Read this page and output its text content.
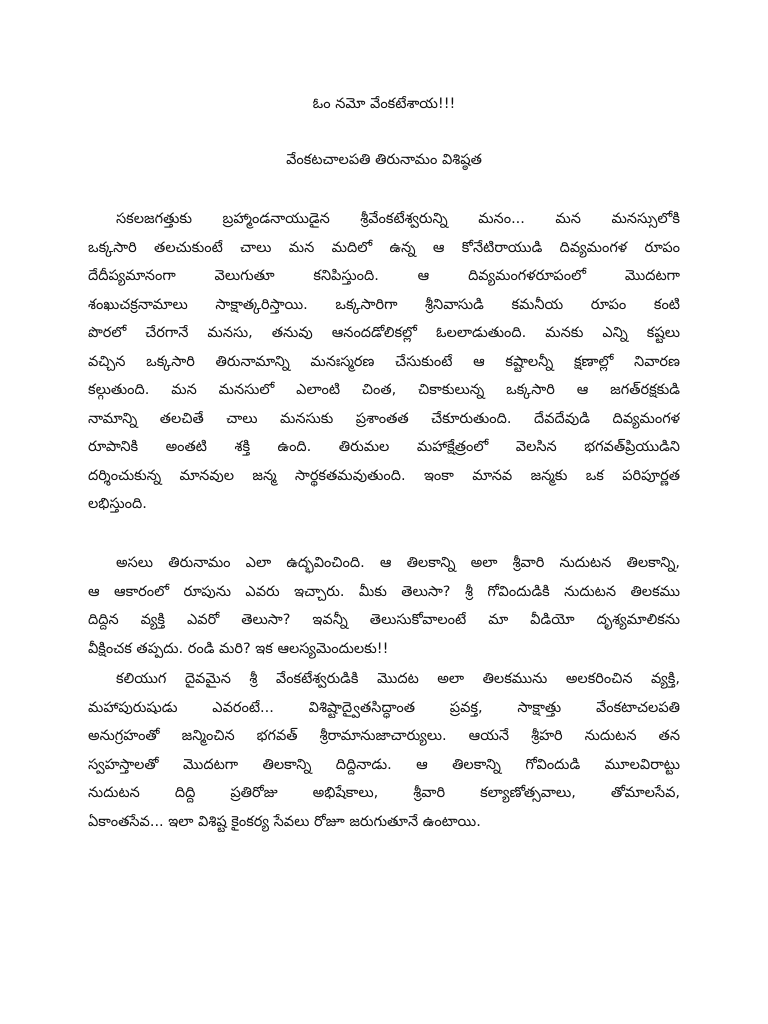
ఓం నమో వేంకటేశాయ!!!
వేంకటచాలపతి తిరునామం విశిష్ఠత
సకలజగత్తుకు బ్రహ్మాండనాయుడైన శ్రీవేంకటేశ్వరున్ని మనం... మన మనస్సులోకి
ఒక్కసారి తలచుకుంటే చాలు మన మదిలో ఉన్న ఆ కోనేటిరాయుడి దివ్యమంగళ రూపం
దేదీప్యమానంగా వెలుగుతూ కనిపిస్తుంది. ఆ దివ్యమంగళరూపంలో మొదటగా
శంఖుచక్రనామాలు సాక్షాత్కరిస్తాయి. ఒక్కసారిగా శ్రీనివాసుడి కమనీయ రూపం కంటి
పొరలో చేరగానే మనసు, తనువు ఆనందడోలికల్లో ఓలలాడుతుంది. మనకు ఎన్ని కష్టలు
వచ్చిన ఒక్కసారి తిరునామాన్ని మనఃస్మరణ చేసుకుంటే ఆ కష్టాలన్నీ క్షణాల్లో నివారణ
కల్గుతుంది. మన మనసులో ఎలాంటి చింత, చికాకులున్న ఒక్కసారి ఆ జగత్‌రక్షకుడి
నామాన్ని తలచితే చాలు మనసుకు ప్రశాంతత చేకూరుతుంది. దేవదేవుడి దివ్యమంగళ
రూపానికి అంతటి శక్తి ఉంది. తిరుమల మహాక్షేత్రంలో వెలసిన భగవత్‌ప్రియుడిని
దర్శించుకున్న మానవుల జన్మ సార్థకతమవుతుంది. ఇంకా మానవ జన్మకు ఒక పరిపూర్ణత
లభిస్తుంది.
అసలు తిరునామం ఎలా ఉద్భవించింది. ఆ తిలకాన్ని అలా శ్రీవారి నుదుటన తిలకాన్ని,
ఆ ఆకారంలో రూపును ఎవరు ఇచ్చారు. మీకు తెలుసా? శ్రీ గోవిందుడికి నుదుటన తిలకము
దిద్దిన వ్యక్తి ఎవరో తెలుసా? ఇవన్నీ తెలుసుకోవాలంటే మా వీడియో దృశ్యమాలికను
వీక్షించక తప్పదు. రండి మరి? ఇక ఆలస్యమెందులకు!!
కలియుగ దైవమైన శ్రీ వేంకటేశ్వరుడికి మొదట అలా తిలకమును అలకరించిన వ్యక్తి,
మహాపురుషుడు ఎవరంటే... విశిష్టాద్వైతసిద్ధాంత ప్రవక్త, సాక్షాత్తు వేంకటాచలపతి
అనుగ్రహంతో జన్మించిన భగవత్ శ్రీరామానుజాచార్యులు. ఆయనే శ్రీహరి నుదుటన తన
స్వహస్తాలతో మొదటగా తిలకాన్ని దిద్దినాడు. ఆ తిలకాన్ని గోవిందుడి మూలవిరాట్టు
నుదుటన దిద్ది ప్రతిరోజు అభిషేకాలు, శ్రీవారి కల్యాణోత్సవాలు, తోమాలసేవ,
ఏకాంతసేవ... ఇలా విశిష్ట కైంకర్య సేవలు రోజూ జరుగుతూనే ఉంటాయి.
